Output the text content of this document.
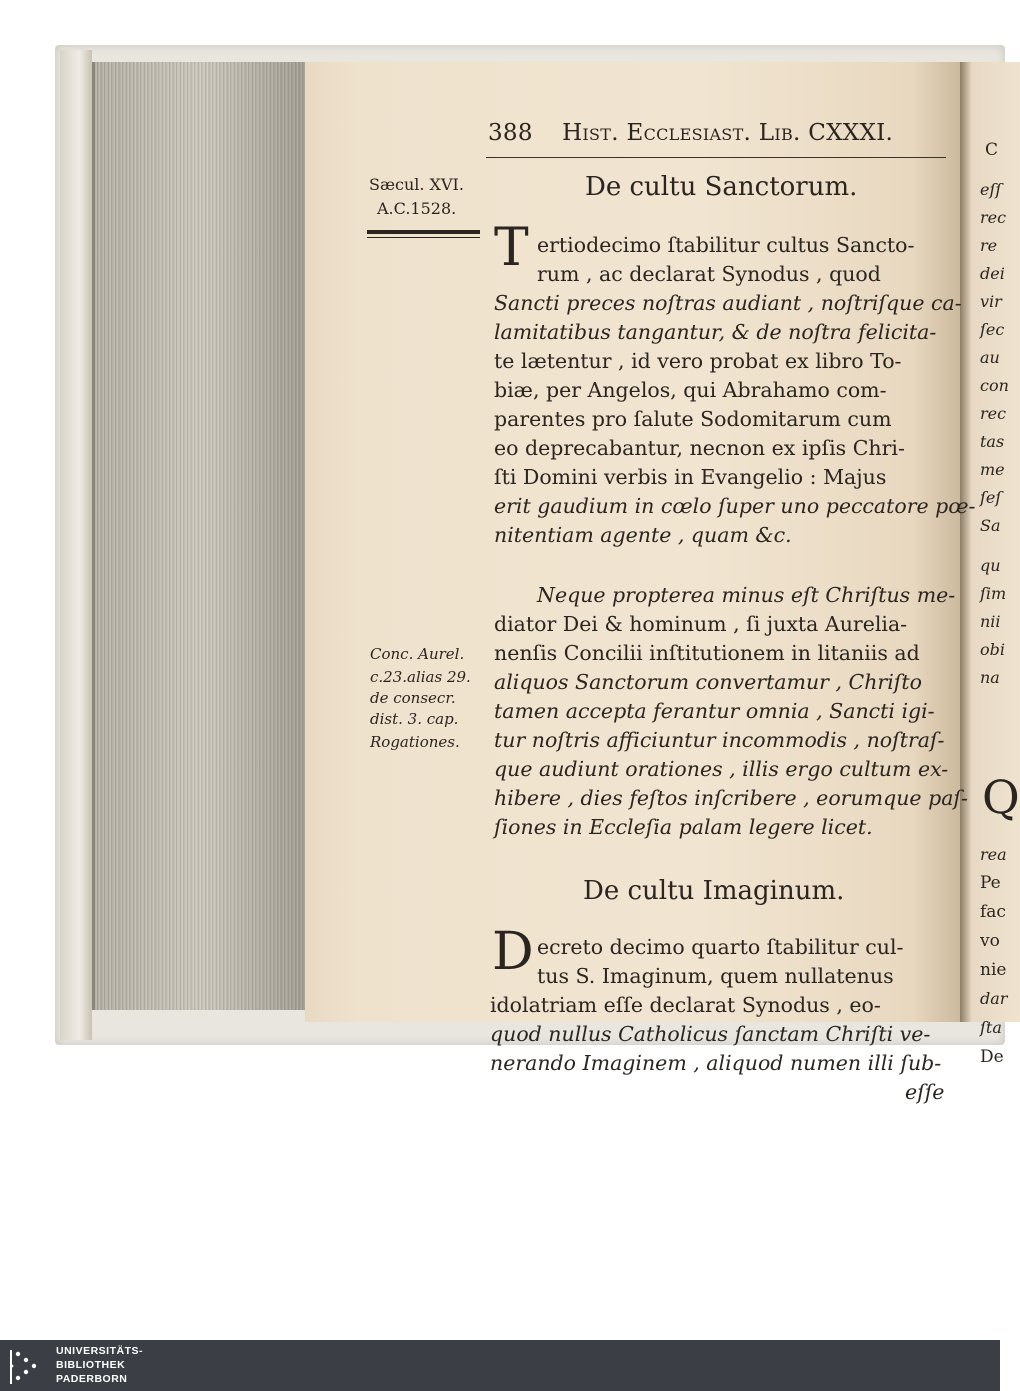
388 Hist. Ecclesiast. Lib. CXXXI.
Sæcul. XVI.
A.C.1528.
De cultu Sanctorum.
T ertiodecimo ſtabilitur cultus Sancto-
rum , ac declarat Synodus , quod
Sancti preces noſtras audiant , noſtriſque ca-
lamitatibus tangantur, & de noſtra felicita-
te lætentur , id vero probat ex libro To-
biæ, per Angelos, qui Abrahamo com-
parentes pro ſalute Sodomitarum cum
eo deprecabantur, necnon ex ipſis Chri-
ſti Domini verbis in Evangelio : Majus
erit gaudium in cœlo ſuper uno peccatore pœ-
nitentiam agente , quam &c.
Neque propterea minus eſt Chriſtus me-
diator Dei & hominum , ſi juxta Aurelia-
nenſis Concilii inſtitutionem in litaniis ad
aliquos Sanctorum convertamur , Chriſto
tamen accepta ferantur omnia , Sancti igi-
tur noſtris afficiuntur incommodis , noſtraſ-
que audiunt orationes , illis ergo cultum ex-
hibere , dies feſtos inſcribere , eorumque paſ-
ſiones in Eccleſia palam legere licet.
Conc. Aurel.
c.23.alias 29.
de consecr.
dist. 3. cap.
Rogationes.
De cultu Imaginum.
D ecreto decimo quarto ſtabilitur cul-
tus S. Imaginum, quem nullatenus
idolatriam eſſe declarat Synodus , eo-
quod nullus Catholicus ſanctam Chriſti ve-
nerando Imaginem , aliquod numen illi ſub-
eſſe
C
eſſ
rec
re
dei
vir
ſec
au
con
rec
tas
me
ſeſ
Sa
qu
ſim
nii
obi
na
Q
rea
Pe
fac
vo
nie
dar
ſta
De
UNIVERSITÄTS-
BIBLIOTHEK
PADERBORN
